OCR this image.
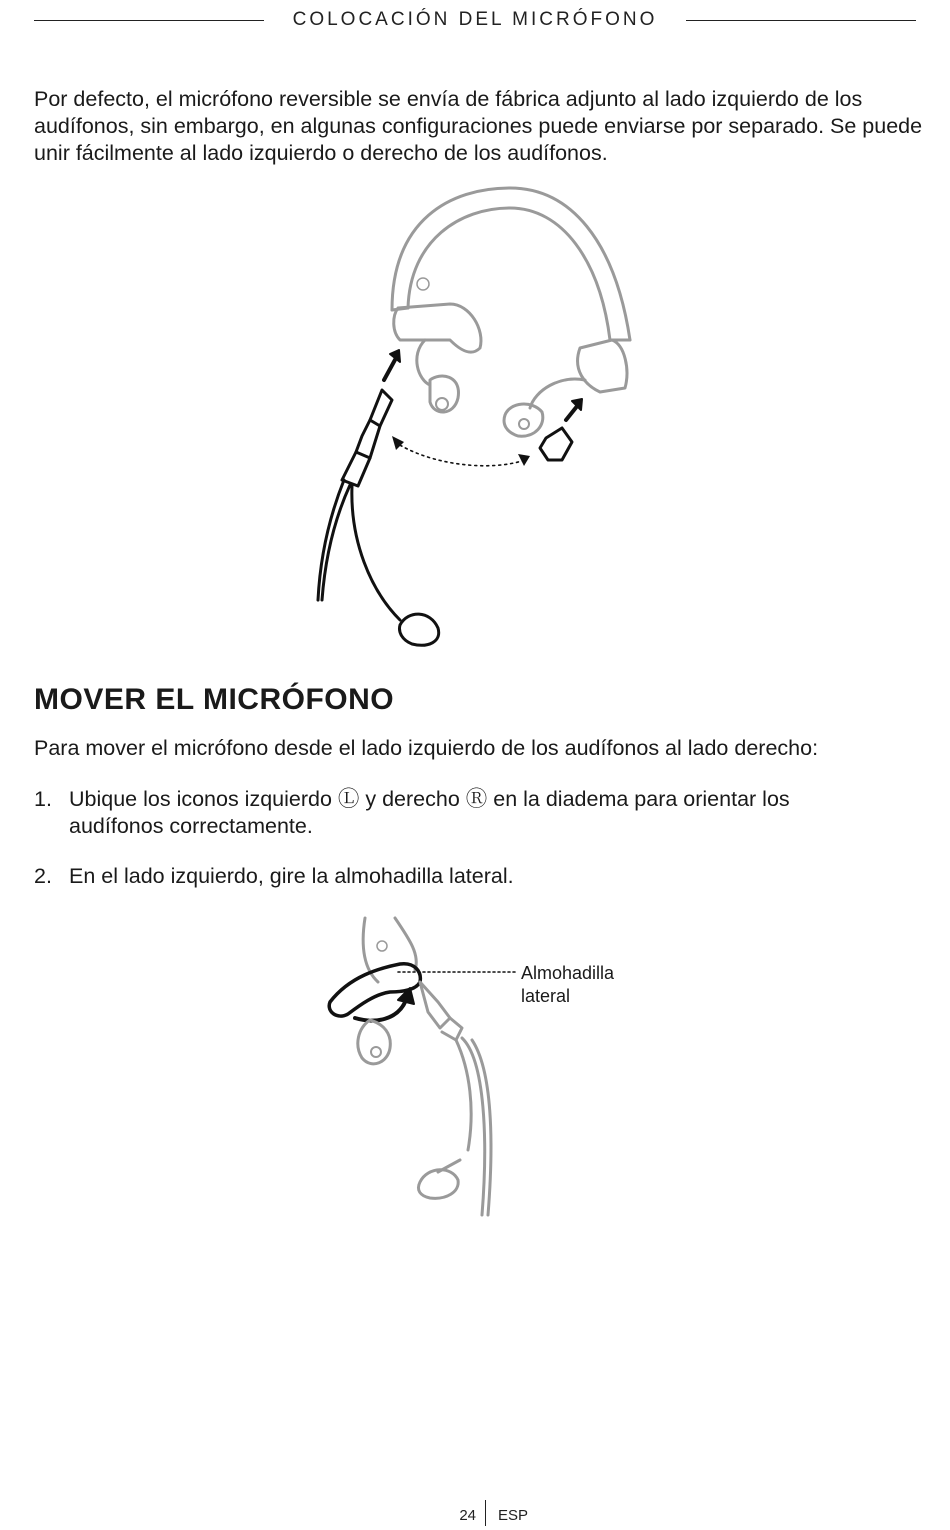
COLOCACIÓN DEL MICRÓFONO

Por defecto, el micrófono reversible se envía de fábrica adjunto al lado izquierdo de los audífonos, sin embargo, en algunas configuraciones puede enviarse por separado. Se puede unir fácilmente al lado izquierdo o derecho de los audífonos.

MOVER EL MICRÓFONO

Para mover el micrófono desde el lado izquierdo de los audífonos al lado derecho:

1. Ubique los iconos izquierdo Ⓛ y derecho Ⓡ en la diadema para orientar los audífonos correctamente.
2. En el lado izquierdo, gire la almohadilla lateral.
Almohadilla lateral
24 ESP
